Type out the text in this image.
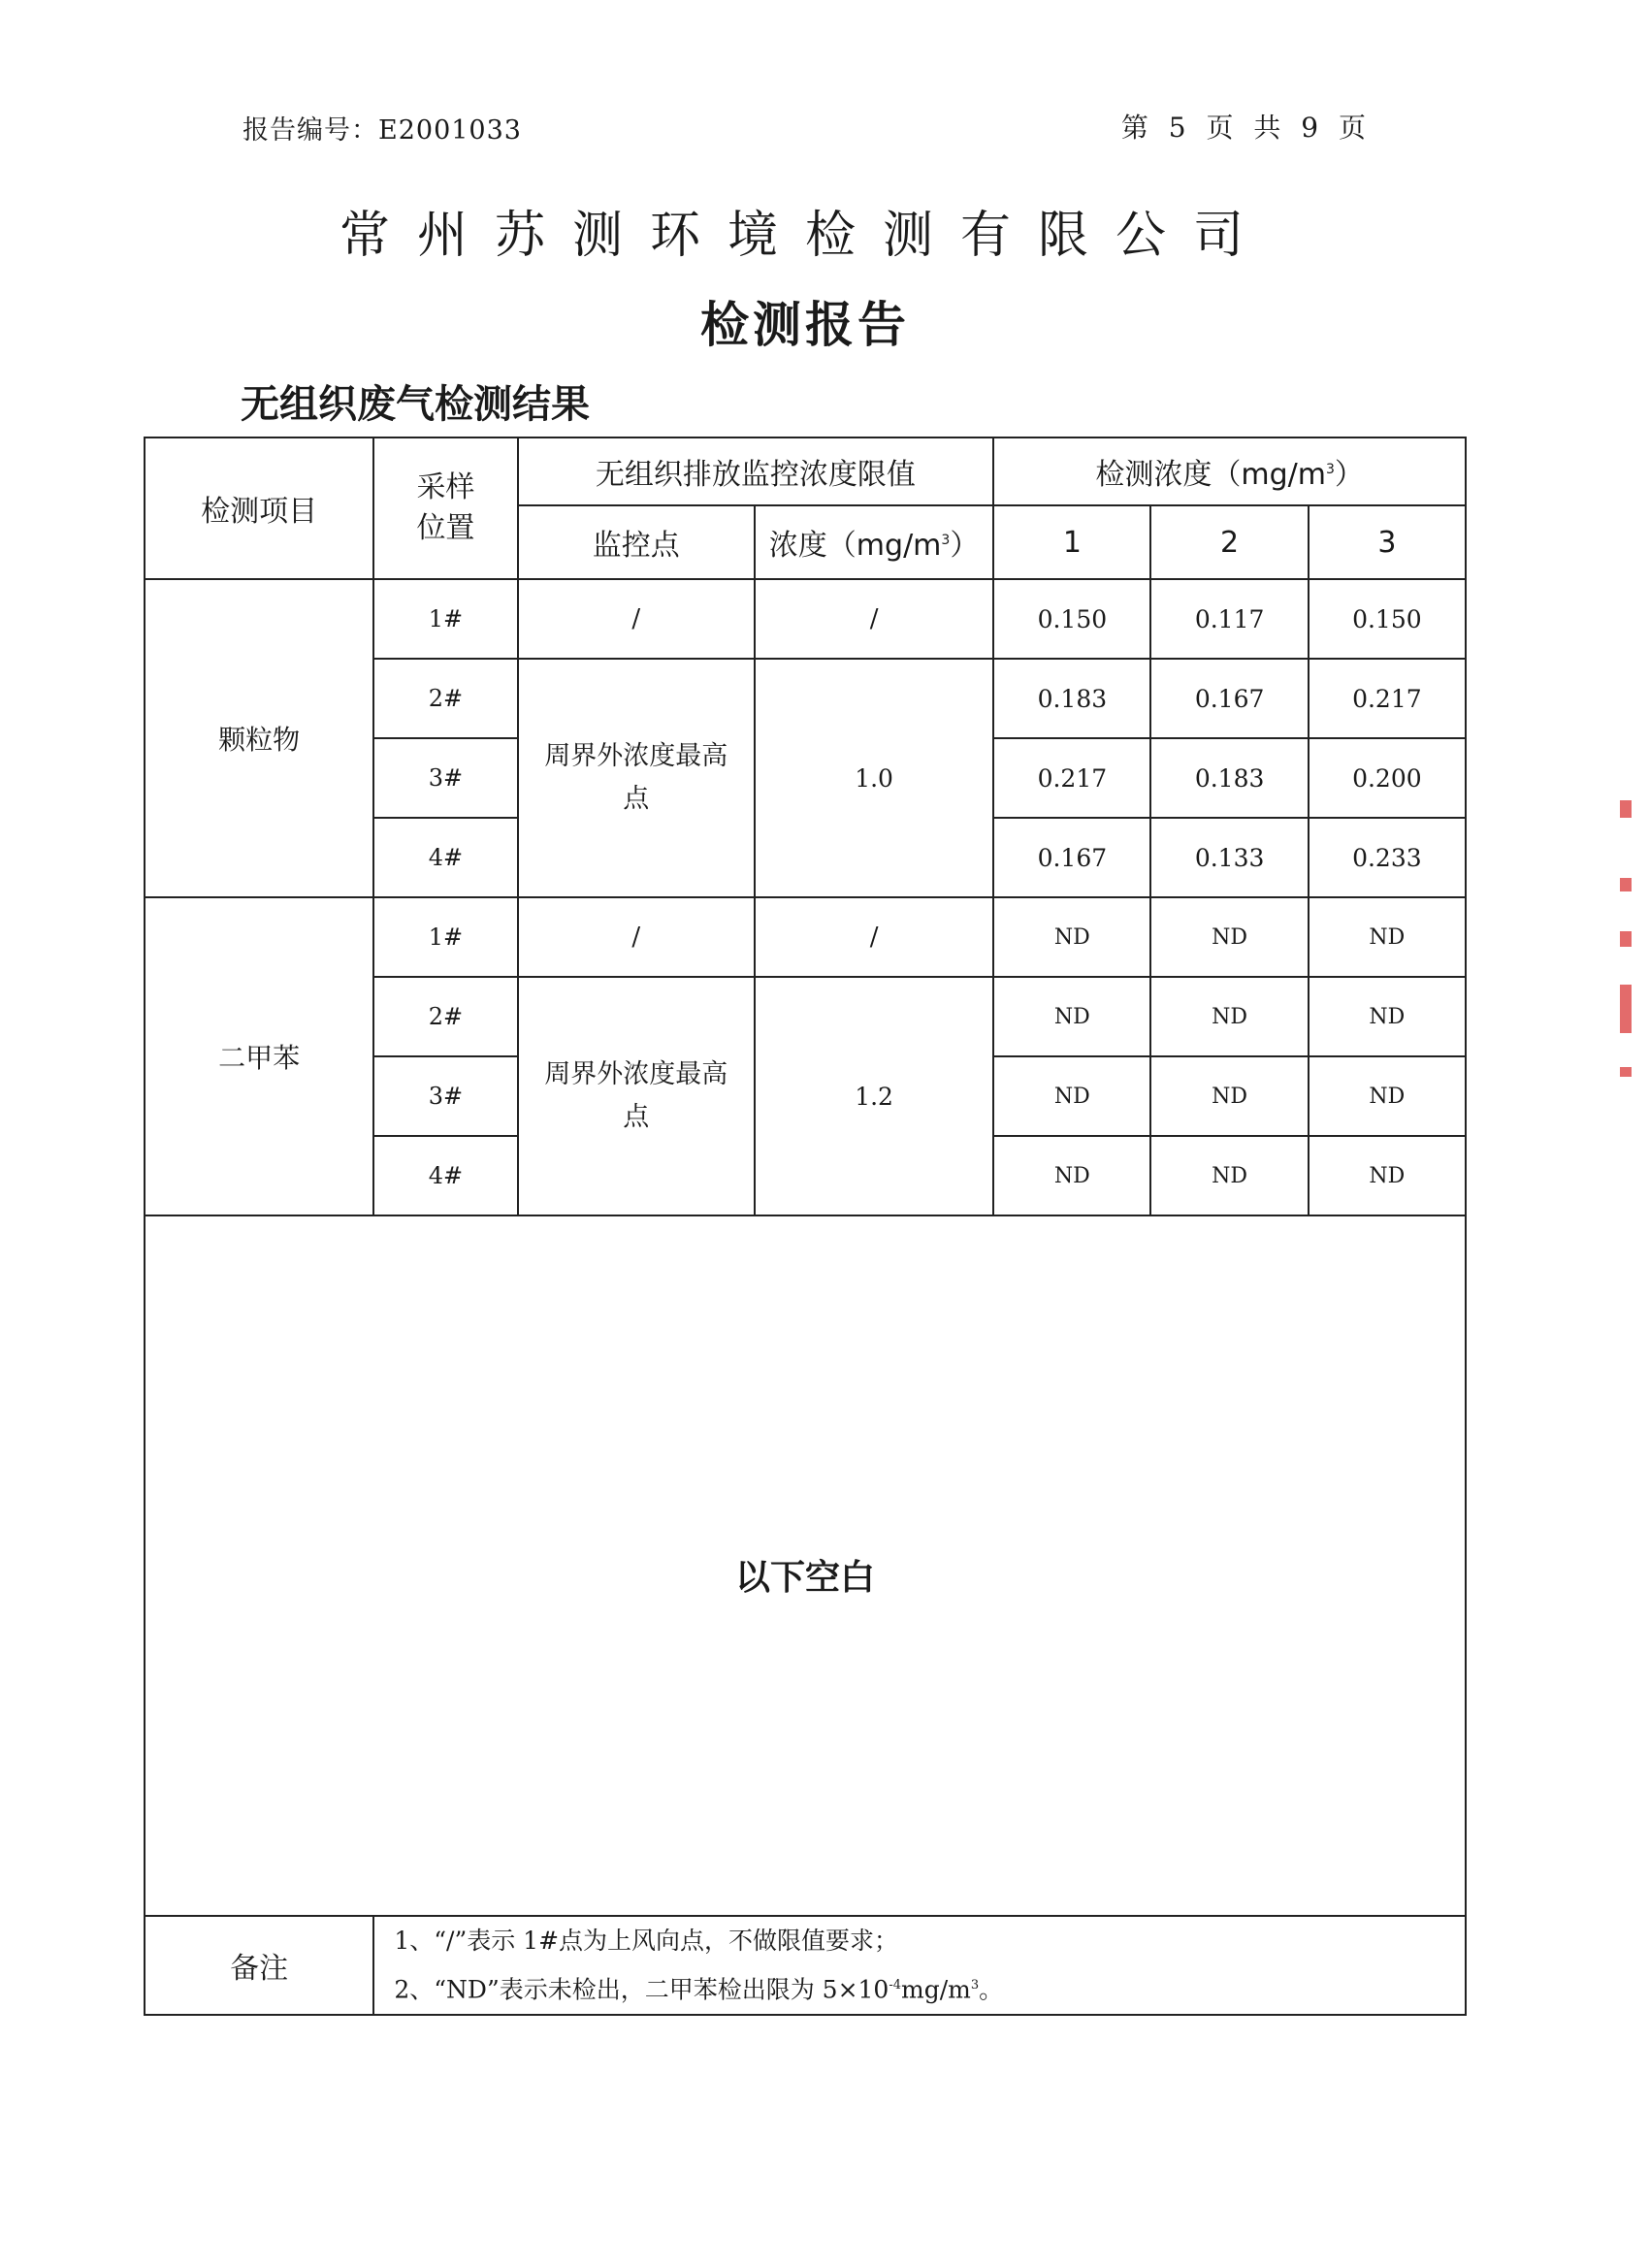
报告编号：E2001033	第 5 页 共 9 页
常州苏测环境检测有限公司
检测报告
无组织废气检测结果
检测项目	采样位置	无组织排放监控浓度限值		检测浓度$(mg/m^3)$		
		监控点	浓度$(mg/m^3)$	1	2	3
颗粒物	1#	/	/	0.150	0.117	0.150
	2#	周界外浓度最高点	1.0	0.183	0.167	0.217
	3#			0.217	0.183	0.200
	4#			0.167	0.133	0.233
二甲苯	1#	/	/	ND	ND	ND
	2#	周界外浓度最高点	1.2	ND	ND	ND
	3#			ND	ND	ND
	4#			ND	ND	ND

以下空白						

备注	1、“/”表示 1#点为上风向点，不做限值要求；
2、“ND”表示未检出，二甲苯检出限为 $5\times 10^{-4}mg/m^3$。					
